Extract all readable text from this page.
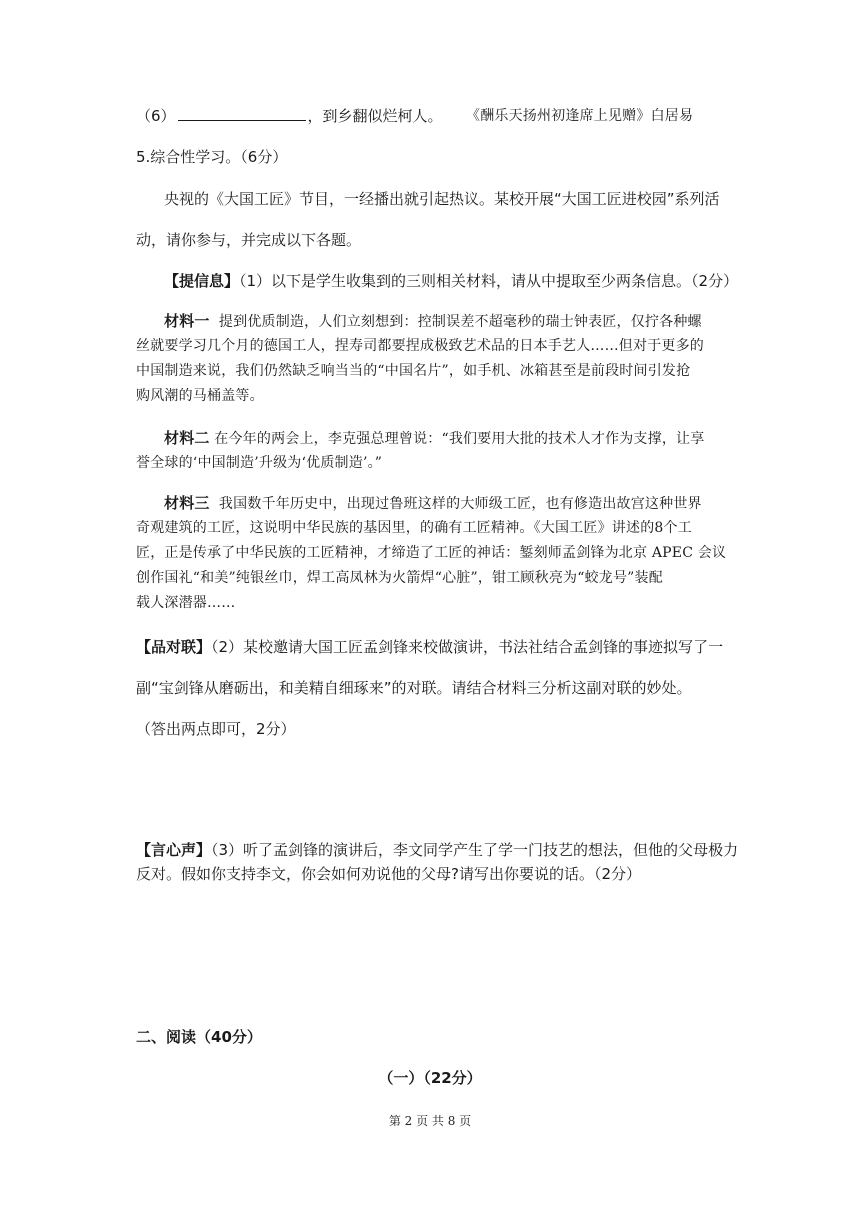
（6）	，到乡翻似烂柯人。 《酬乐天扬州初逢席上见赠》白居易
5.综合性学习。（6分）
央视的《大国工匠》节目，一经播出就引起热议。某校开展“大国工匠进校园”系列活
动，请你参与，并完成以下各题。
【提信息】（1）以下是学生收集到的三则相关材料，请从中提取至少两条信息。（2分）
材料一 提到优质制造，人们立刻想到：控制误差不超毫秒的瑞士钟表匠，仅拧各种螺
丝就要学习几个月的德国工人，捏寿司都要捏成极致艺术品的日本手艺人……但对于更多的
中国制造来说，我们仍然缺乏响当当的“中国名片”，如手机、冰箱甚至是前段时间引发抢
购风潮的马桶盖等。
材料二 在今年的两会上，李克强总理曾说：“我们要用大批的技术人才作为支撑，让享
誉全球的‘中国制造’升级为‘优质制造’。”
材料三 我国数千年历史中，出现过鲁班这样的大师级工匠，也有修造出故宫这种世界
奇观建筑的工匠，这说明中华民族的基因里，的确有工匠精神。《大国工匠》讲述的8个工
匠，正是传承了中华民族的工匠精神，才缔造了工匠的神话：錾刻师孟剑锋为北京 APEC 会议
创作国礼“和美”纯银丝巾，焊工高凤林为火箭焊“心脏”，钳工顾秋亮为“蛟龙号”装配
载人深潜器……
【品对联】（2）某校邀请大国工匠孟剑锋来校做演讲，书法社结合孟剑锋的事迹拟写了一
副“宝剑锋从磨砺出，和美精自细琢来”的对联。请结合材料三分析这副对联的妙处。
（答出两点即可，2分）
【言心声】（3）听了孟剑锋的演讲后，李文同学产生了学一门技艺的想法，但他的父母极力
反对。假如你支持李文，你会如何劝说他的父母?请写出你要说的话。（2分）
二、阅读（40分）
（一）（22分）
第 2 页 共 8 页
